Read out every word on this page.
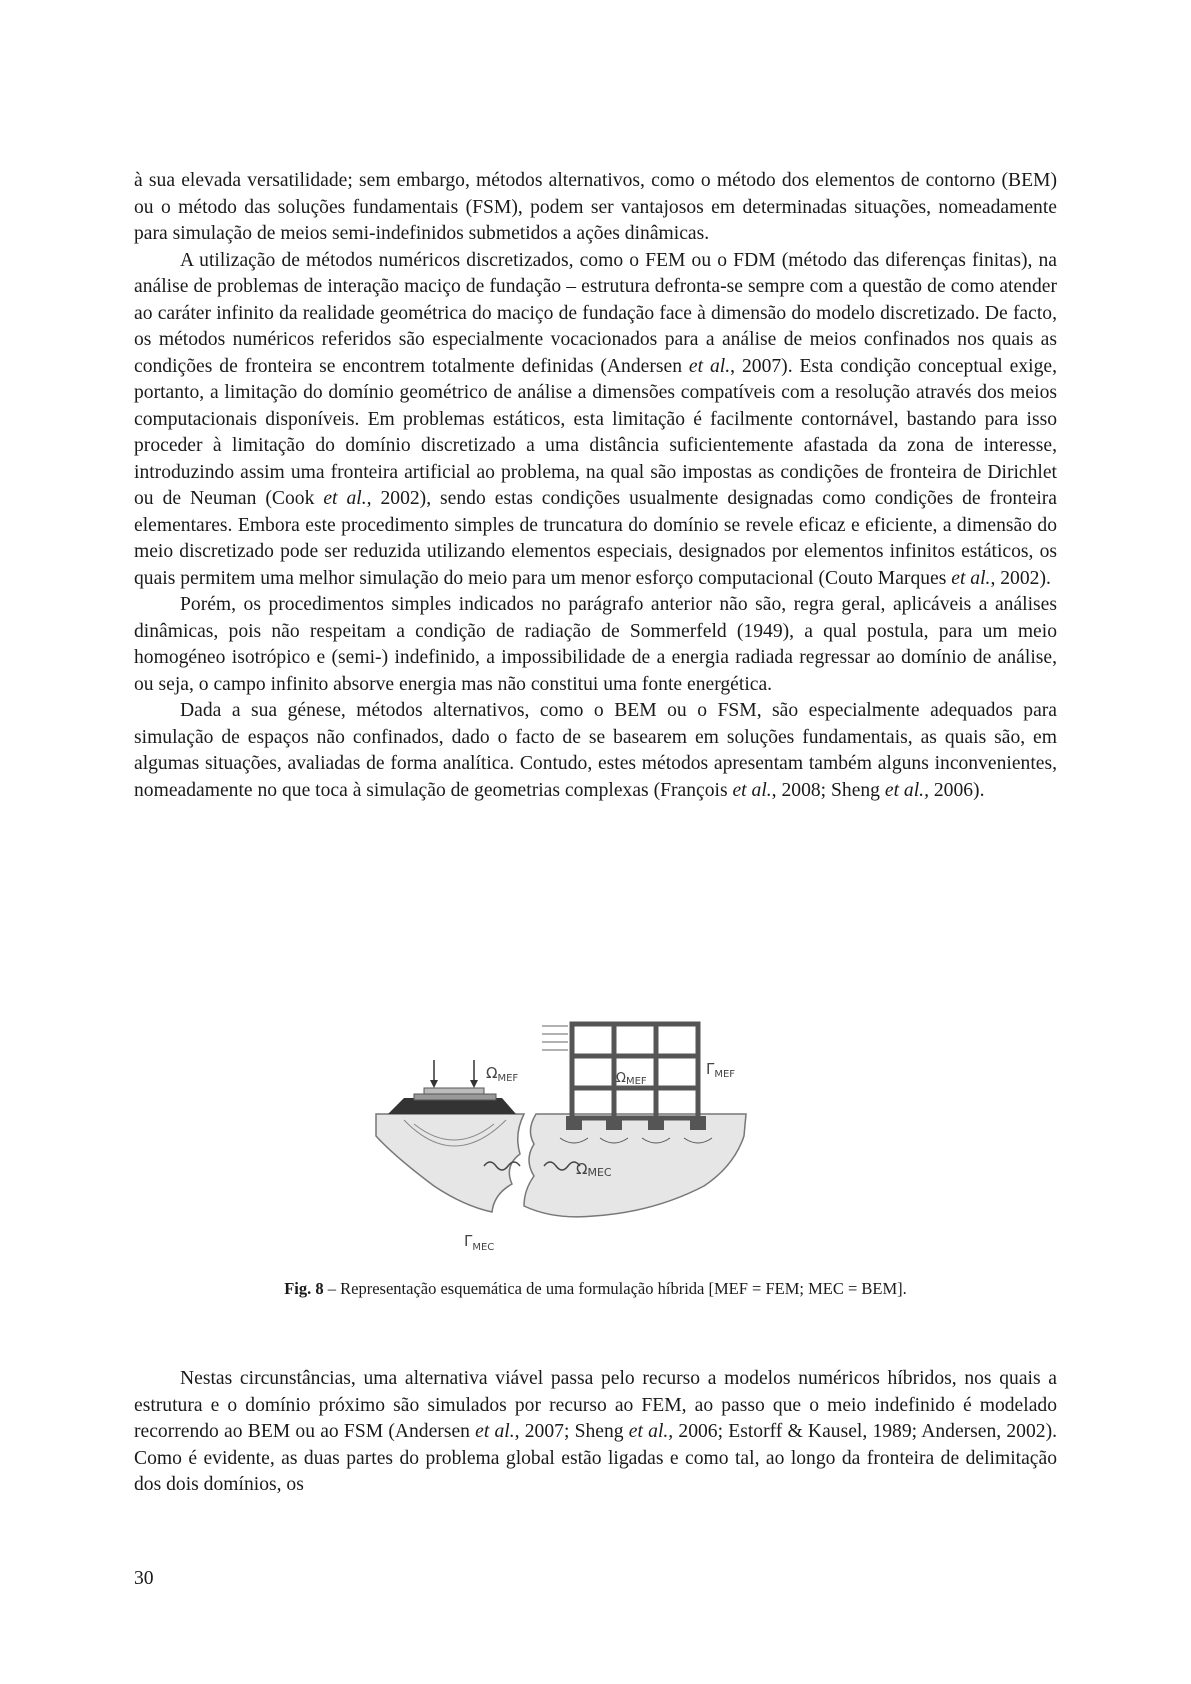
à sua elevada versatilidade; sem embargo, métodos alternativos, como o método dos elementos de contorno (BEM) ou o método das soluções fundamentais (FSM), podem ser vantajosos em determinadas situações, nomeadamente para simulação de meios semi-indefinidos submetidos a ações dinâmicas.

A utilização de métodos numéricos discretizados, como o FEM ou o FDM (método das diferenças finitas), na análise de problemas de interação maciço de fundação – estrutura defronta-se sempre com a questão de como atender ao caráter infinito da realidade geométrica do maciço de fundação face à dimensão do modelo discretizado. De facto, os métodos numéricos referidos são especialmente vocacionados para a análise de meios confinados nos quais as condições de fronteira se encontrem totalmente definidas (Andersen et al., 2007). Esta condição conceptual exige, portanto, a limitação do domínio geométrico de análise a dimensões compatíveis com a resolução através dos meios computacionais disponíveis. Em problemas estáticos, esta limitação é facilmente contornável, bastando para isso proceder à limitação do domínio discretizado a uma distância suficientemente afastada da zona de interesse, introduzindo assim uma fronteira artificial ao problema, na qual são impostas as condições de fronteira de Dirichlet ou de Neuman (Cook et al., 2002), sendo estas condições usualmente designadas como condições de fronteira elementares. Embora este procedimento simples de truncatura do domínio se revele eficaz e eficiente, a dimensão do meio discretizado pode ser reduzida utilizando elementos especiais, designados por elementos infinitos estáticos, os quais permitem uma melhor simulação do meio para um menor esforço computacional (Couto Marques et al., 2002).

Porém, os procedimentos simples indicados no parágrafo anterior não são, regra geral, aplicáveis a análises dinâmicas, pois não respeitam a condição de radiação de Sommerfeld (1949), a qual postula, para um meio homogéneo isotrópico e (semi-) indefinido, a impossibilidade de a energia radiada regressar ao domínio de análise, ou seja, o campo infinito absorve energia mas não constitui uma fonte energética.

Dada a sua génese, métodos alternativos, como o BEM ou o FSM, são especialmente adequados para simulação de espaços não confinados, dado o facto de se basearem em soluções fundamentais, as quais são, em algumas situações, avaliadas de forma analítica. Contudo, estes métodos apresentam também alguns inconvenientes, nomeadamente no que toca à simulação de geometrias complexas (François et al., 2008; Sheng et al., 2006).

$\Omega_{MEF}$	ΩMEF
$\Gamma_{MEF}$
ΩMEC
$\Gamma_{MEC}$
Fig. 8 – Representação esquemática de uma formulação híbrida [MEF = FEM; MEC = BEM].

Nestas circunstâncias, uma alternativa viável passa pelo recurso a modelos numéricos híbridos, nos quais a estrutura e o domínio próximo são simulados por recurso ao FEM, ao passo que o meio indefinido é modelado recorrendo ao BEM ou ao FSM (Andersen et al., 2007; Sheng et al., 2006; Estorff & Kausel, 1989; Andersen, 2002). Como é evidente, as duas partes do problema global estão ligadas e como tal, ao longo da fronteira de delimitação dos dois domínios, os

30
